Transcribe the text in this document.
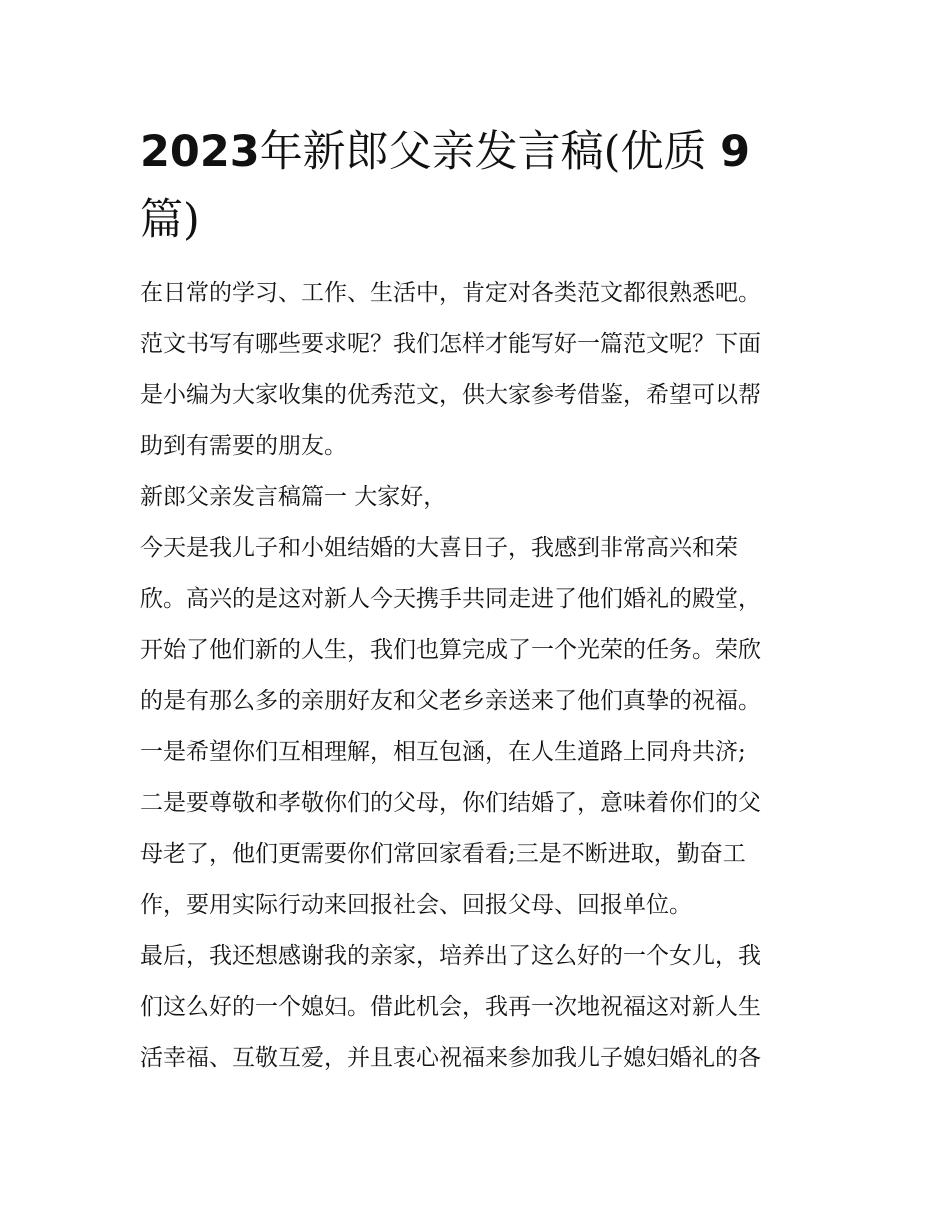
2023年新郎父亲发言稿(优质 9
篇)
在日常的学习、工作、生活中，肯定对各类范文都很熟悉吧。
范文书写有哪些要求呢？我们怎样才能写好一篇范文呢？下面
是小编为大家收集的优秀范文，供大家参考借鉴，希望可以帮
助到有需要的朋友。
新郎父亲发言稿篇一 大家好，
今天是我儿子和小姐结婚的大喜日子，我感到非常高兴和荣
欣。高兴的是这对新人今天携手共同走进了他们婚礼的殿堂，
开始了他们新的人生，我们也算完成了一个光荣的任务。荣欣
的是有那么多的亲朋好友和父老乡亲送来了他们真挚的祝福。
一是希望你们互相理解，相互包涵，在人生道路上同舟共济;
二是要尊敬和孝敬你们的父母，你们结婚了，意味着你们的父
母老了，他们更需要你们常回家看看;三是不断进取，勤奋工
作，要用实际行动来回报社会、回报父母、回报单位。
最后，我还想感谢我的亲家，培养出了这么好的一个女儿，我
们这么好的一个媳妇。借此机会，我再一次地祝福这对新人生
活幸福、互敬互爱，并且衷心祝福来参加我儿子媳妇婚礼的各
